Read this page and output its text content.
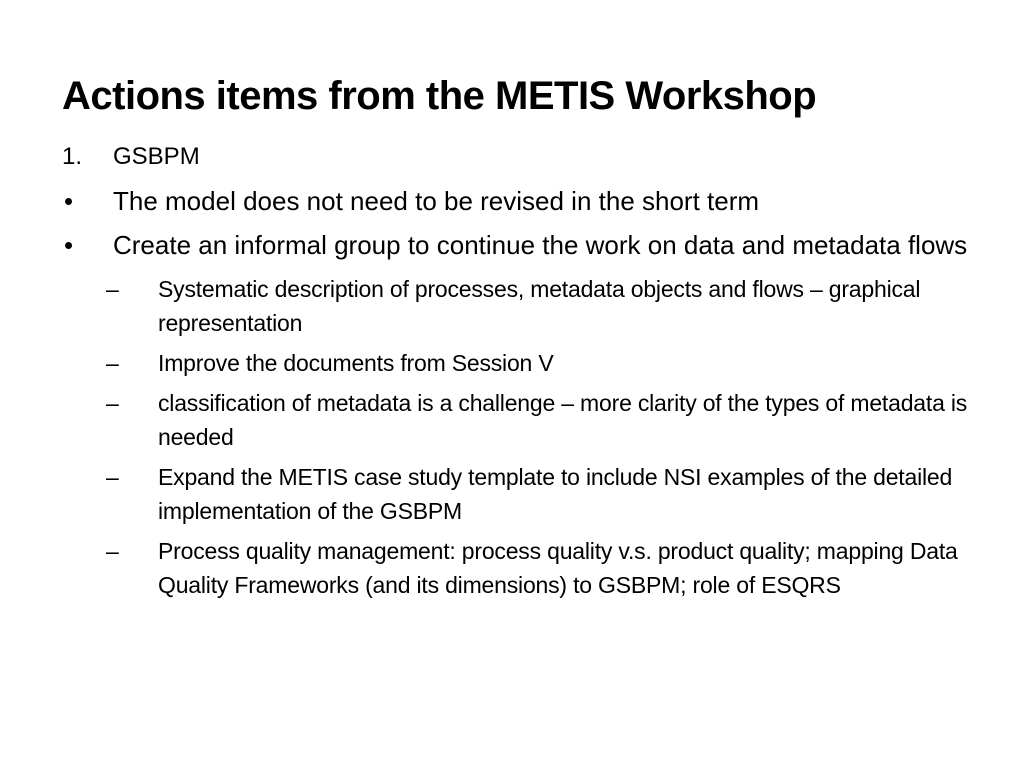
Actions items from the METIS Workshop
1. GSBPM
• The model does not need to be revised in the short term
• Create an informal group to continue the work on data and metadata flows
– Systematic description of processes, metadata objects and flows – graphical representation
– Improve the documents from Session V
– classification of metadata is a challenge – more clarity of the types of metadata is needed
– Expand the METIS case study template to include NSI examples of the detailed implementation of the GSBPM
– Process quality management: process quality v.s. product quality; mapping Data Quality Frameworks (and its dimensions) to GSBPM; role of ESQRS
